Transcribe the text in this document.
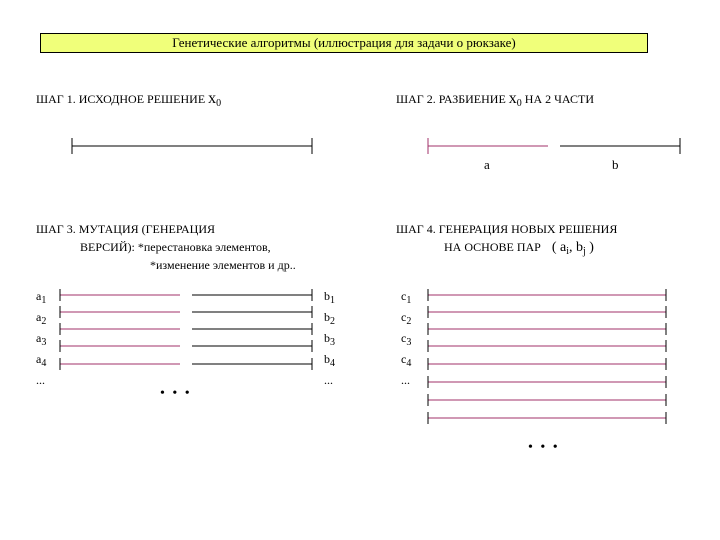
Генетические алгоритмы (иллюстрация для задачи о рюкзаке)
ШАГ 1. ИСХОДНОЕ РЕШЕНИЕ $x_0$	ШАГ 2. РАЗБИЕНИЕ $x_0$ НА 2 ЧАСТИ
a	b
ШАГ 3. МУТАЦИЯ (ГЕНЕРАЦИЯ
ВЕРСИЙ): *перестановка элементов,
*изменение элементов и др..
ШАГ 4. ГЕНЕРАЦИЯ НОВЫХ РЕШЕНИЯ
НА ОСНОВЕ ПАР ( $a_i$, $b_j$ )
$a_1$
$a_2$
$a_3$
$a_4$
...
$b_1$
$b_2$
$b_3$
$b_4$
...
$c_1$
$c_2$
$c_3$
$c_4$
...
• • •
• • •
